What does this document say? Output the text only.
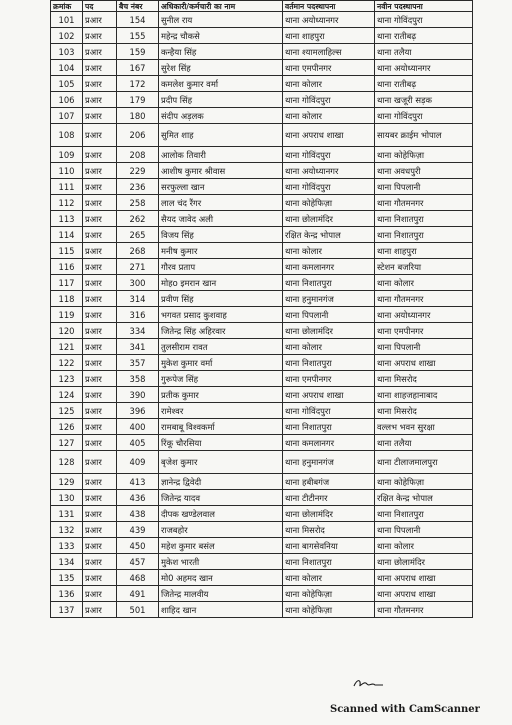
क्रमांक	पद	बैच नंबर	अधिकारी/कर्मचारी का नाम	वर्तमान पदस्थापना	नवीन पदस्थापना
101	प्रआर	154	सुनील राय	थाना अयोध्यानगर	थाना गोविंदपुरा
102	प्रआर	155	महेन्द्र चौकसे	थाना शाहपुरा	थाना रातीबढ़
103	प्रआर	159	कन्हैया सिंह	थाना श्यामलाहिल्स	थाना तलैया
104	प्रआर	167	सुरेश सिंह	थाना एमपीनगर	थाना अयोध्यानगर
105	प्रआर	172	कमलेश कुमार वर्मा	थाना कोलार	थाना रातीबढ़
106	प्रआर	179	प्रदीप सिंह	थाना गोविंदपुरा	थाना खजूरी सड़क
107	प्रआर	180	संदीप अड़लक	थाना कोलार	थाना गोविंदपुरा
108	प्रआर	206	सुमित शाह	थाना अपराध शाखा	सायबर क्राईम भोपाल
109	प्रआर	208	आलोक तिवारी	थाना गोविंदपुरा	थाना कोहेफिज़ा
110	प्रआर	229	आशीष कुमार श्रीवास	थाना अयोध्यानगर	थाना अवधपुरी
111	प्रआर	236	सरफुल्ला खान	थाना गोविंदपुरा	थाना पिपलानी
112	प्रआर	258	लाल चंद रैंगर	थाना कोहेफिज़ा	थाना गौतमनगर
113	प्रआर	262	सैयद जावेद अली	थाना छोलामंदिर	थाना निशातपुरा
114	प्रआर	265	विजय सिंह	रक्षित केन्द्र भोपाल	थाना निशातपुरा
115	प्रआर	268	मनीष कुमार	थाना कोलार	थाना शाहपुरा
116	प्रआर	271	गौरव प्रताप	थाना कमलानगर	स्टेशन बजरिया
117	प्रआर	300	मोहo इमरान खान	थाना निशातपुरा	थाना कोलार
118	प्रआर	314	प्रवीण सिंह	थाना हनुमानगंज	थाना गौतमनगर
119	प्रआर	316	भगवत प्रसाद कुशवाह	थाना पिपलानी	थाना अयोध्यानगर
120	प्रआर	334	जितेन्द्र सिंह अहिरवार	थाना छोलामंदिर	थाना एमपीनगर
121	प्रआर	341	तुलसीराम रावत	थाना कोलार	थाना पिपलानी
122	प्रआर	357	मुकेश कुमार वर्मा	थाना निशातपुरा	थाना अपराध शाखा
123	प्रआर	358	गुरूपेज सिंह	थाना एमपीनगर	थाना मिसरोद
124	प्रआर	390	प्रतीक कुमार	थाना अपराध शाखा	थाना शाहजहानाबाद
125	प्रआर	396	रामेश्वर	थाना गोविंदपुरा	थाना मिसरोद
126	प्रआर	400	रामबाबू विश्वकर्मा	थाना निशातपुरा	वल्लभ भवन सुरक्षा
127	प्रआर	405	रिंकू चौरसिया	थाना कमलानगर	थाना तलैया
128	प्रआर	409	बृजेश कुमार	थाना हनुमानगंज	थाना टीलाजमालपुरा
129	प्रआर	413	ज्ञानेन्द्र द्विवेदी	थाना हबीबगंज	थाना कोहेफिज़ा
130	प्रआर	436	जितेन्द्र यादव	थाना टीटीनगर	रक्षित केन्द्र भोपाल
131	प्रआर	438	दीपक खण्डेलवाल	थाना छोलामंदिर	थाना निशातपुरा
132	प्रआर	439	राजबहोर	थाना मिसरोद	थाना पिपलानी
133	प्रआर	450	महेश कुमार बसंल	थाना बागसेवनिया	थाना कोलार
134	प्रआर	457	मुकेश भारती	थाना निशातपुरा	थाना छोलामंदिर
135	प्रआर	468	मो0 अहमद खान	थाना कोलार	थाना अपराध शाखा
136	प्रआर	491	जितेन्द्र मालवीय	थाना कोहेफिज़ा	थाना अपराध शाखा
137	प्रआर	501	शाहिद खान	थाना कोहेफिज़ा	थाना गौतमनगर
Scanned with CamScanner
